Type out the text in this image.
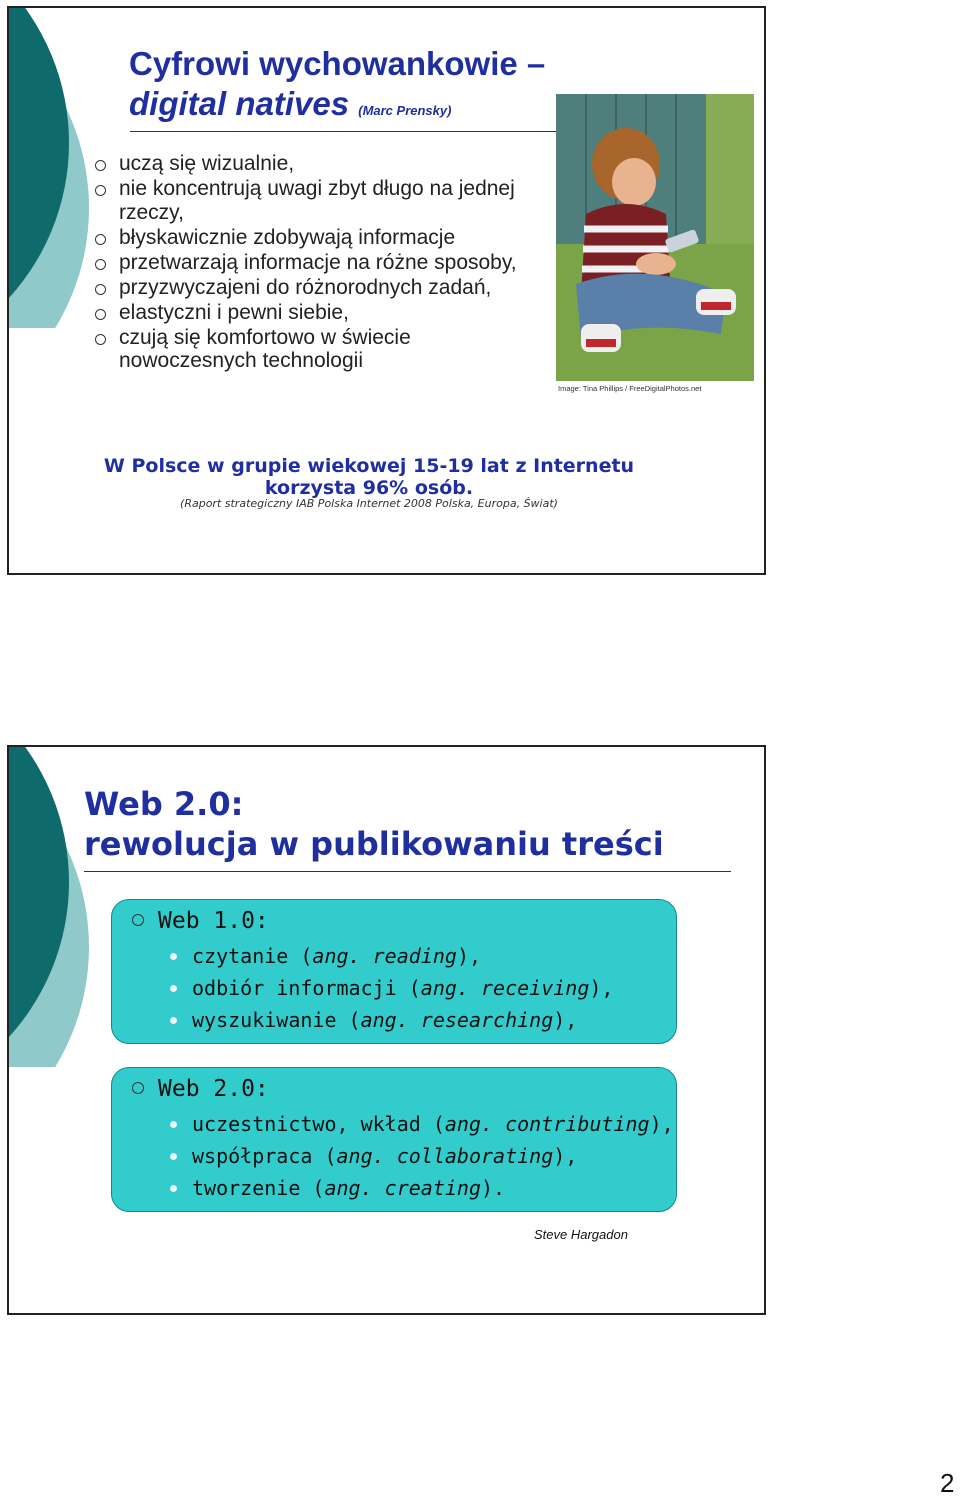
Cyfrowi wychowankowie –
digital natives (Marc Prensky)
uczą się wizualnie,
nie koncentrują uwagi zbyt długo na jednej rzeczy,
błyskawicznie zdobywają informacje
przetwarzają informacje na różne sposoby,
przyzwyczajeni do różnorodnych zadań,
elastyczni i pewni siebie,
czują się komfortowo w świecie nowoczesnych technologii
Image: Tina Phillips / FreeDigitalPhotos.net
W Polsce w grupie wiekowej 15-19 lat z Internetu
korzysta 96% osób.
(Raport strategiczny IAB Polska Internet 2008 Polska, Europa, Świat)
Web 2.0:
rewolucja w publikowaniu treści
Web 1.0:
czytanie (ang. reading),
odbiór informacji (ang. receiving),
wyszukiwanie (ang. researching),
Web 2.0:
uczestnictwo, wkład (ang. contributing),
współpraca (ang. collaborating),
tworzenie (ang. creating).
Steve Hargadon
2
